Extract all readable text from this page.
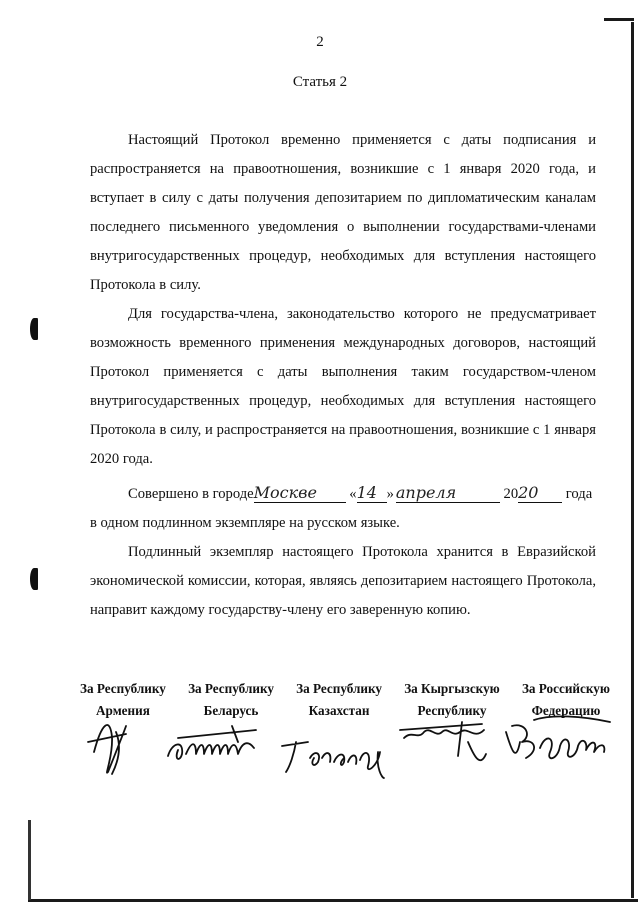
2
Статья 2

Настоящий Протокол временно применяется с даты подписания и распространяется на правоотношения, возникшие с 1 января 2020 года, и вступает в силу с даты получения депозитарием по дипломатическим каналам последнего письменного уведомления о выполнении государствами-членами внутригосударственных процедур, необходимых для вступления настоящего Протокола в силу.

Для государства-члена, законодательство которого не предусматривает возможность временного применения международных договоров, настоящий Протокол применяется с даты выполнения таким государством-членом внутригосударственных процедур, необходимых для вступления настоящего Протокола в силу, и распространяется на правоотношения, возникшие с 1 января 2020 года.

Совершено в городеМоскве «14 » апреля	2020 года

в одном подлинном экземпляре на русском языке.

Подлинный экземпляр настоящего Протокола хранится в Евразийской экономической комиссии, которая, являясь депозитарием настоящего Протокола, направит каждому государству-члену его заверенную копию.

За Республику
Армения
За Республику
Беларусь
За Республику
Казахстан
За Кыргызскую
Республику
За Российскую
Федерацию
